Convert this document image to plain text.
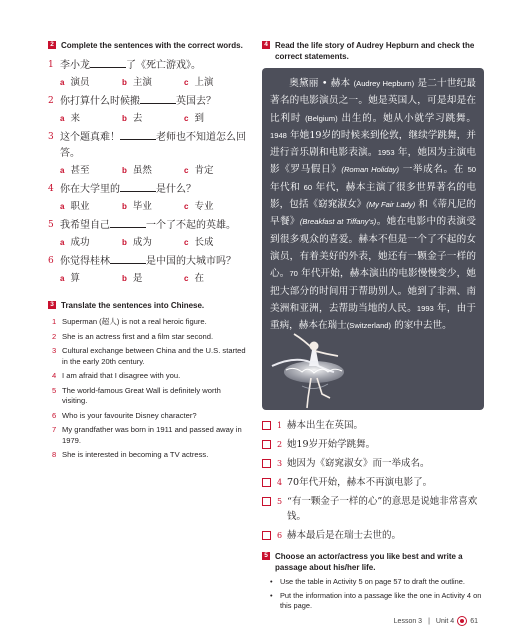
2 Complete the sentences with the correct words.
1 李小龙	了《死亡游戏》。
a 演员	b 主演	c 上演
2 你打算什么时候搬	英国去？
a 来	b 去	c 到
3 这个题真难！	老师也不知道怎么回答。
a 甚至	b 虽然	c 肯定
4 你在大学里的	是什么？
a 职业	b 毕业	c 专业
5 我希望自己	一个了不起的英雄。
a 成功	b 成为	c 长成
6 你觉得桂林	是中国的大城市吗？
a 算	b 是	c 在
3 Translate the sentences into Chinese.
1 Superman (超人) is not a real heroic figure.
2 She is an actress first and a film star second.
3 Cultural exchange between China and the U.S. started in the early 20th century.
4 I am afraid that I disagree with you.
5 The world-famous Great Wall is definitely worth visiting.
6 Who is your favourite Disney character?
7 My grandfather was born in 1911 and passed away in 1979.
8 She is interested in becoming a TV actress.
4 Read the life story of Audrey Hepburn and check the correct statements.
奥黛丽 • 赫本 (Audrey Hepburn) 是二十世纪最著名的电影演员之一。她是英国人，可是却是在比利时 (Belgium) 出生的。她从小就学习跳舞。1948 年她19岁的时候来到伦敦，继续学跳舞，并进行音乐剧和电影表演。1953 年，她因为主演电影《罗马假日》(Roman Holiday) 一举成名。在 50 年代和 60 年代，赫本主演了很多世界著名的电影，包括《窈窕淑女》(My Fair Lady) 和《蒂凡尼的早餐》(Breakfast at Tiffany's)。她在电影中的表演受到很多观众的喜爱。赫本不但是一个了不起的女演员，有着美好的外表，她还有一颗金子一样的心。70 年代开始，赫本演出的电影慢慢变少，她把大部分的时间用于帮助别人。她到了非洲、南美洲和亚洲，去帮助当地的人民。1993 年，由于重病，赫本在瑞士(Switzerland) 的家中去世。
1 赫本出生在英国。
2 她19岁开始学跳舞。
3 她因为《窈窕淑女》而一举成名。
4 70年代开始，赫本不再演电影了。
5 “有一颗金子一样的心”的意思是说她非常喜欢钱。
6 赫本最后是在瑞士去世的。
5 Choose an actor/actress you like best and write a passage about his/her life.
• Use the table in Activity 5 on page 57 to draft the outline.
• Put the information into a passage like the one in Activity 4 on this page.
Lesson 3 | Unit 4 61
